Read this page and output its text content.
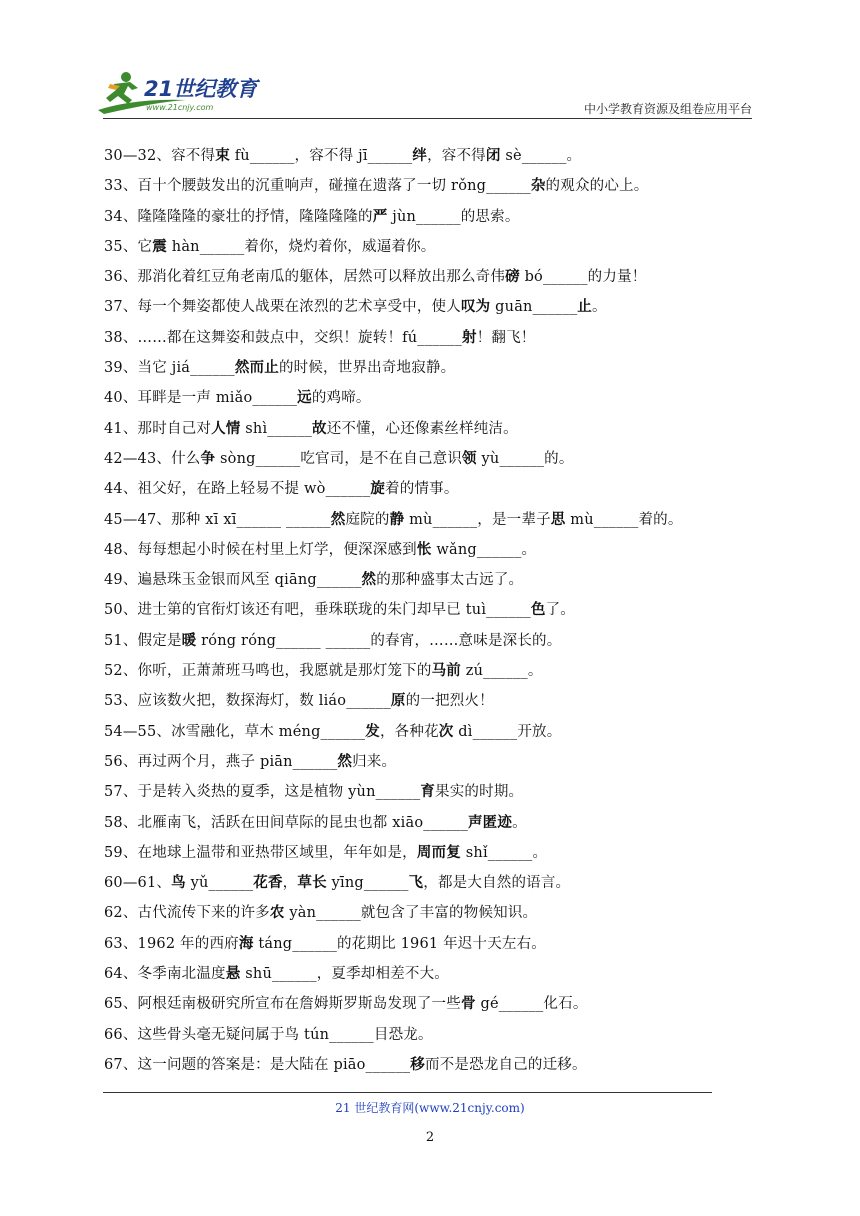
21世纪教育
www.21cnjy.com	中小学教育资源及组卷应用平台
30—32、容不得束 fù______，容不得 jī______绊，容不得闭 sè______。
33、百十个腰鼓发出的沉重响声，碰撞在遗落了一切 rǒng______杂的观众的心上。
34、隆隆隆隆的豪壮的抒情，隆隆隆隆的严 jùn______的思索。
35、它震 hàn______着你，烧灼着你，威逼着你。
36、那消化着红豆角老南瓜的躯体，居然可以释放出那么奇伟磅 bó______的力量！
37、每一个舞姿都使人战栗在浓烈的艺术享受中，使人叹为 guān______止。
38、……都在这舞姿和鼓点中，交织！旋转！fú______射！翻飞！
39、当它 jiá______然而止的时候，世界出奇地寂静。
40、耳畔是一声 miǎo______远的鸡啼。
41、那时自己对人情 shì______故还不懂，心还像素丝样纯洁。
42—43、什么争 sòng______吃官司，是不在自己意识领 yù______的。
44、祖父好，在路上轻易不提 wò______旋着的情事。
45—47、那种 xī xī______ ______然庭院的静 mù______，是一辈子思 mù______着的。
48、每每想起小时候在村里上灯学，便深深感到怅 wǎng______。
49、遍悬珠玉金银而风至 qiāng______然的那种盛事太古远了。
50、进士第的官衔灯该还有吧，垂珠联珑的朱门却早已 tuì______色了。
51、假定是暖 róng róng______ ______的春宵，……意味是深长的。
52、你听，正萧萧班马鸣也，我愿就是那灯笼下的马前 zú______。
53、应该数火把，数探海灯，数 liáo______原的一把烈火！
54—55、冰雪融化，草木 méng______发，各种花次 dì______开放。
56、再过两个月，燕子 piān______然归来。
57、于是转入炎热的夏季，这是植物 yùn______育果实的时期。
58、北雁南飞，活跃在田间草际的昆虫也都 xiāo______声匿迹。
59、在地球上温带和亚热带区域里，年年如是，周而复 shǐ______。
60—61、鸟 yǔ______花香，草长 yīng______飞，都是大自然的语言。
62、古代流传下来的许多农 yàn______就包含了丰富的物候知识。
63、1962 年的西府海 táng______的花期比 1961 年迟十天左右。
64、冬季南北温度悬 shū______，夏季却相差不大。
65、阿根廷南极研究所宣布在詹姆斯罗斯岛发现了一些骨 gé______化石。
66、这些骨头毫无疑问属于鸟 tún______目恐龙。
67、这一问题的答案是：是大陆在 piāo______移而不是恐龙自己的迁移。
21 世纪教育网(www.21cnjy.com)
2
